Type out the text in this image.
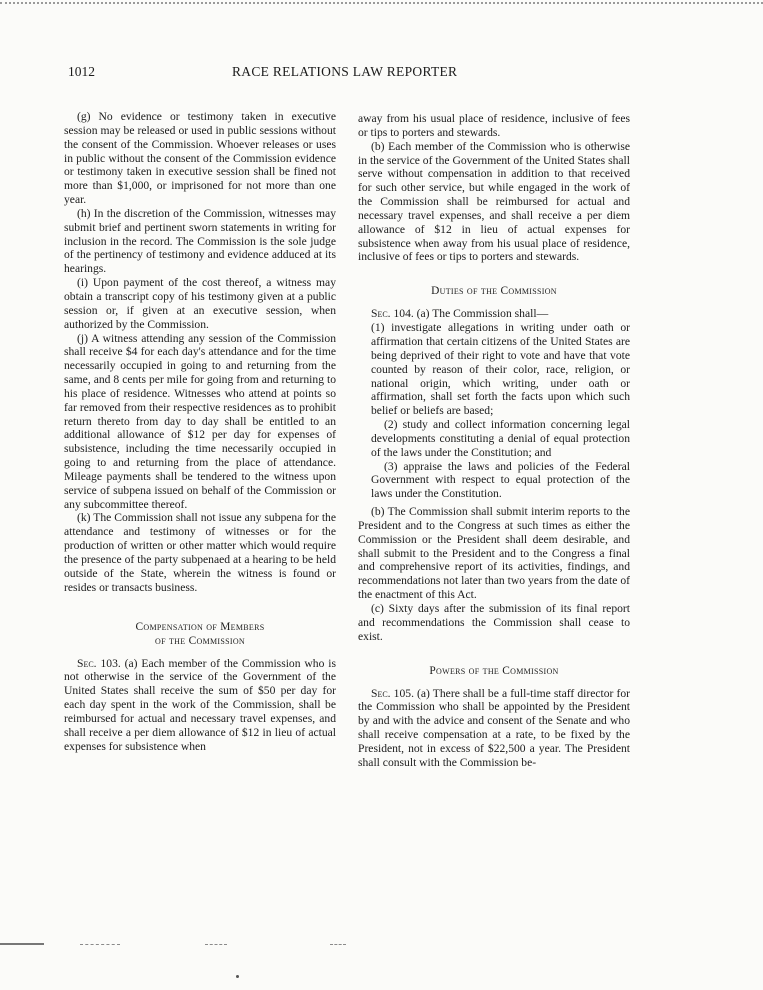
1012	RACE RELATIONS LAW REPORTER

(g) No evidence or testimony taken in executive session may be released or used in public sessions without the consent of the Commission. Whoever releases or uses in public without the consent of the Commission evidence or testimony taken in executive session shall be fined not more than $1,000, or imprisoned for not more than one year.

(h) In the discretion of the Commission, witnesses may submit brief and pertinent sworn statements in writing for inclusion in the record. The Commission is the sole judge of the pertinency of testimony and evidence adduced at its hearings.

(i) Upon payment of the cost thereof, a witness may obtain a transcript copy of his testimony given at a public session or, if given at an executive session, when authorized by the Commission.

(j) A witness attending any session of the Commission shall receive $4 for each day's attendance and for the time necessarily occupied in going to and returning from the same, and 8 cents per mile for going from and returning to his place of residence. Witnesses who attend at points so far removed from their respective residences as to prohibit return thereto from day to day shall be entitled to an additional allowance of $12 per day for expenses of subsistence, including the time necessarily occupied in going to and returning from the place of attendance. Mileage payments shall be tendered to the witness upon service of subpena issued on behalf of the Commission or any subcommittee thereof.

(k) The Commission shall not issue any subpena for the attendance and testimony of witnesses or for the production of written or other matter which would require the presence of the party subpenaed at a hearing to be held outside of the State, wherein the witness is found or resides or transacts business.

Compensation of Members
of the Commission

Sec. 103. (a) Each member of the Commission who is not otherwise in the service of the Government of the United States shall receive the sum of $50 per day for each day spent in the work of the Commission, shall be reimbursed for actual and necessary travel expenses, and shall receive a per diem allowance of $12 in lieu of actual expenses for subsistence when

away from his usual place of residence, inclusive of fees or tips to porters and stewards.

(b) Each member of the Commission who is otherwise in the service of the Government of the United States shall serve without compensation in addition to that received for such other service, but while engaged in the work of the Commission shall be reimbursed for actual and necessary travel expenses, and shall receive a per diem allowance of $12 in lieu of actual expenses for subsistence when away from his usual place of residence, inclusive of fees or tips to porters and stewards.

Duties of the Commission

Sec. 104. (a) The Commission shall—

(1) investigate allegations in writing under oath or affirmation that certain citizens of the United States are being deprived of their right to vote and have that vote counted by reason of their color, race, religion, or national origin, which writing, under oath or affirmation, shall set forth the facts upon which such belief or beliefs are based;

(2) study and collect information concerning legal developments constituting a denial of equal protection of the laws under the Constitution; and

(3) appraise the laws and policies of the Federal Government with respect to equal protection of the laws under the Constitution.

(b) The Commission shall submit interim reports to the President and to the Congress at such times as either the Commission or the President shall deem desirable, and shall submit to the President and to the Congress a final and comprehensive report of its activities, findings, and recommendations not later than two years from the date of the enactment of this Act.

(c) Sixty days after the submission of its final report and recommendations the Commission shall cease to exist.

Powers of the Commission

Sec. 105. (a) There shall be a full-time staff director for the Commission who shall be appointed by the President by and with the advice and consent of the Senate and who shall receive compensation at a rate, to be fixed by the President, not in excess of $22,500 a year. The President shall consult with the Commission be-
